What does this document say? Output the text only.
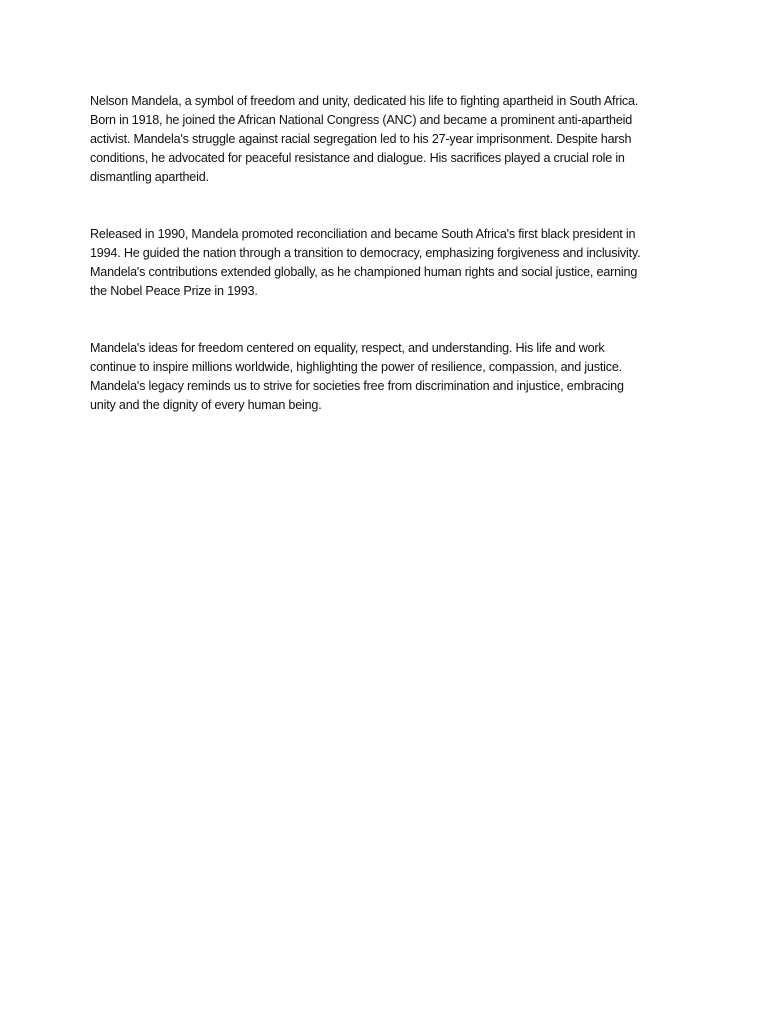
Nelson Mandela, a symbol of freedom and unity, dedicated his life to fighting apartheid in South Africa.
Born in 1918, he joined the African National Congress (ANC) and became a prominent anti-apartheid
activist. Mandela's struggle against racial segregation led to his 27-year imprisonment. Despite harsh
conditions, he advocated for peaceful resistance and dialogue. His sacrifices played a crucial role in
dismantling apartheid.

Released in 1990, Mandela promoted reconciliation and became South Africa's first black president in
1994. He guided the nation through a transition to democracy, emphasizing forgiveness and inclusivity.
Mandela's contributions extended globally, as he championed human rights and social justice, earning
the Nobel Peace Prize in 1993.

Mandela's ideas for freedom centered on equality, respect, and understanding. His life and work
continue to inspire millions worldwide, highlighting the power of resilience, compassion, and justice.
Mandela's legacy reminds us to strive for societies free from discrimination and injustice, embracing
unity and the dignity of every human being.
